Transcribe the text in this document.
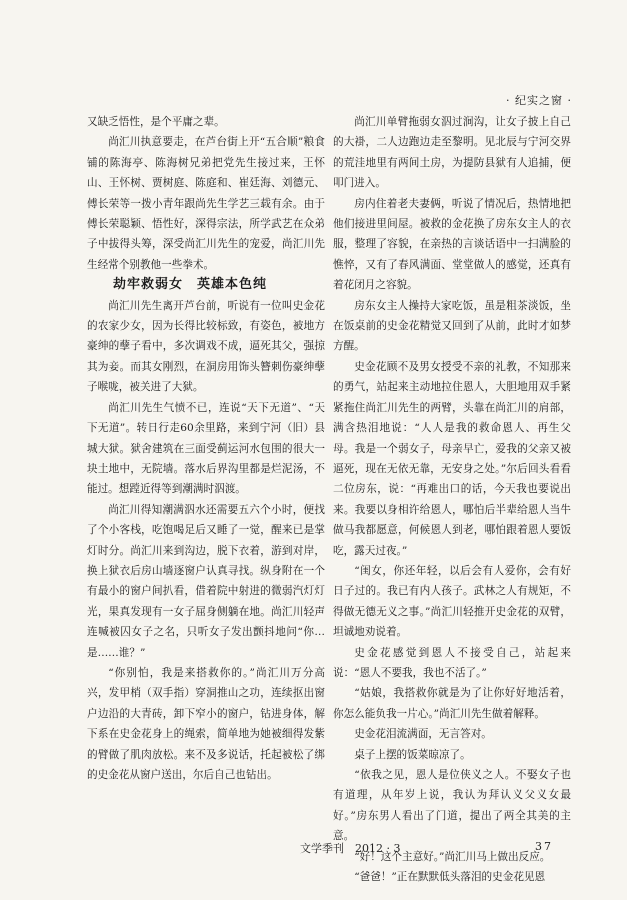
· 纪实之窗 ·

又缺乏悟性，是个平庸之辈。

尚汇川执意要走，在芦台街上开“五合顺”粮食铺的陈海亭、陈海树兄弟把党先生接过来，王怀山、王怀树、贾树庭、陈庭和、崔廷海、刘德元、傅长荣等一拨小青年跟尚先生学艺三载有余。由于傅长荣聪颖、悟性好，深得宗法，所学武艺在众弟子中拔得头筹，深受尚汇川先生的宠爱，尚汇川先生经常个别教他一些拳术。

劫牢救弱女　英雄本色纯

尚汇川先生离开芦台前，听说有一位叫史金花的农家少女，因为长得比较标致，有姿色，被地方豪绅的孽子看中，多次调戏不成，逼死其父，强掠其为妾。而其女刚烈，在洞房用饰头簪刺伤豪绅孽子喉咙，被关进了大狱。

尚汇川先生气愤不已，连说“天下无道”、“天下无道”。转日行走60余里路，来到宁河（旧）县城大狱。狱舍建筑在三面受蓟运河水包围的很大一块土地中，无院墙。落水后界沟里都是烂泥汤，不能过。想蹚近得等到潮满时泅渡。

尚汇川得知潮满泅水还需要五六个小时，便找了个小客栈，吃饱喝足后又睡了一觉，醒来已是掌灯时分。尚汇川来到沟边，脱下衣着，游到对岸，换上狱衣后房山墙逐窗户认真寻找。纵身附在一个有最小的窗户间扒看，借着院中射进的微弱汽灯灯光，果真发现有一女子屈身侧躺在地。尚汇川轻声连喊被囚女子之名，只听女子发出颤抖地问“你…是……谁？”

“你别怕，我是来搭救你的。”尚汇川万分高兴，发甲梢（双手指）穿洞推山之功，连续抠出窗户边沿的大青砖，卸下窄小的窗户，钻进身体，解下系在史金花身上的绳索，简单地为她被细得发紫的臂做了肌肉放松。来不及多说话，托起被松了绑的史金花从窗户送出，尔后自己也钻出。

尚汇川单臂拖弱女泅过涧沟，让女子披上自己的大褂，二人边跑边走至黎明。见北辰与宁河交界的荒洼地里有两间土房，为提防县狱有人追捕，便叩门进入。

房内住着老夫妻俩，听说了情况后，热情地把他们接进里间屋。被救的金花换了房东女主人的衣服，整理了容貌，在亲热的言谈话语中一扫满脸的憔悴，又有了春风满面、堂堂做人的感觉，还真有着花闭月之容貌。

房东女主人操持大家吃饭，虽是粗茶淡饭，坐在饭桌前的史金花精觉又回到了从前，此时才如梦方醒。

史金花顾不及男女授受不亲的礼教，不知那来的勇气，站起来主动地拉住恩人，大胆地用双手紧紧拖住尚汇川先生的两臂，头靠在尚汇川的肩部，满含热泪地说：“人人是我的救命恩人、再生父母。我是一个弱女子，母亲早亡，爱我的父亲又被逼死，现在无依无靠，无安身之处。”尔后回头看看二位房东，说：“再难出口的话，今天我也要说出来。我要以身相许给恩人，哪怕后半辈给恩人当牛做马我都愿意，何候恩人到老，哪怕跟着恩人要饭吃，露天过夜。”

“闺女，你还年轻，以后会有人爱你，会有好日子过的。我已有内人孩子。武林之人有规矩，不得做无德无义之事。”尚汇川轻推开史金花的双臂，坦诚地劝说着。

史金花感觉到恩人不接受自己，站起来说：“恩人不要我，我也不活了。”

“姑娘，我搭救你就是为了让你好好地活着，你怎么能负我一片心。”尚汇川先生做着解释。

史金花泪流满面，无言答对。

桌子上摆的饭菜晾凉了。

“依我之见，恩人是位侠义之人。不娶女子也有道理，从年岁上说，我认为拜认义父义女最好。”房东男人看出了门道，提出了两全其美的主意。

“好！这个主意好。”尚汇川马上做出反应。

“爸爸！”正在默默低头落泪的史金花见恩

文学季刊　2012 · 3	37
